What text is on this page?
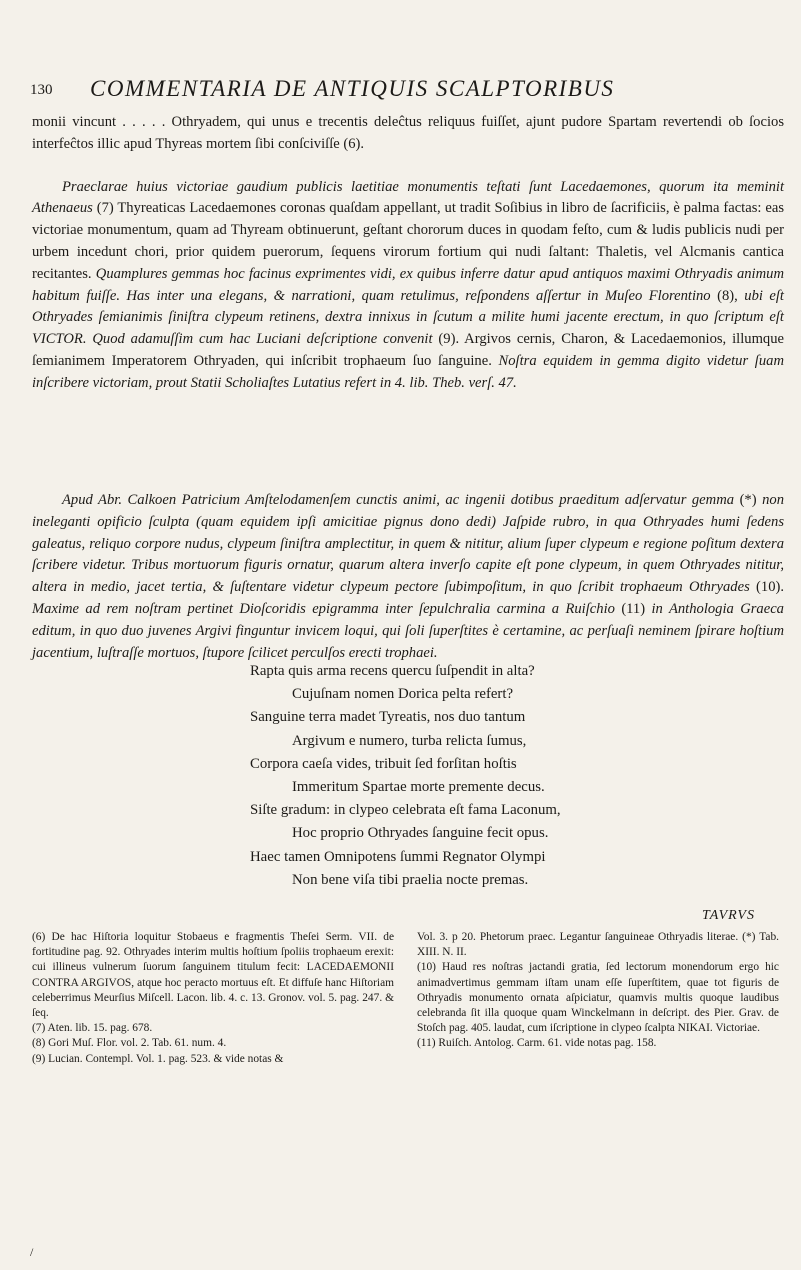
130 COMMENTARIA DE ANTIQUIS SCALPTORIBUS

monii vincunt . . . . . Othryadem, qui unus e trecentis deleĉtus reliquus fuiſſet, ajunt pudore Spartam revertendi ob ſocios interfeĉtos illic apud Thyreas mortem ſibi conſciviſſe (6).

Praeclarae huius victoriae gaudium publicis laetitiae monumentis teſtati ſunt Lacedaemones, quorum ita meminit Athenaeus (7) Thyreaticas Lacedaemones coronas quaſdam appellant, ut tradit Soſibius in libro de ſacrificiis, è palma factas: eas victoriae monumentum, quam ad Thyream obtinuerunt, geſtant chororum duces in quodam feſto, cum & ludis publicis nudi per urbem incedunt chori, prior quidem puerorum, ſequens virorum fortium qui nudi ſaltant: Thaletis, vel Alcmanis cantica recitantes. Quamplures gemmas hoc facinus exprimentes vidi, ex quibus inferre datur apud antiquos maximi Othryadis animum habitum fuiſſe. Has inter una elegans, & narrationi, quam retulimus, reſpondens aſſertur in Muſeo Florentino (8), ubi eſt Othryades ſemianimis ſiniſtra clypeum retinens, dextra innixus in ſcutum a milite humi jacente erectum, in quo ſcriptum eſt VICTOR. Quod adamuſſim cum hac Luciani deſcriptione convenit (9). Argivos cernis, Charon, & Lacedaemonios, illumque ſemianimem Imperatorem Othryaden, qui inſcribit trophaeum ſuo ſanguine. Noſtra equidem in gemma digito videtur ſuam inſcribere victoriam, prout Statii Scholiaſtes Lutatius refert in 4. lib. Theb. verſ. 47.

Apud Abr. Calkoen Patricium Amſtelodamenſem cunctis animi, ac ingenii dotibus praeditum adſervatur gemma (*) non ineleganti opificio ſculpta (quam equidem ipſi amicitiae pignus dono dedi) Jaſpide rubro, in qua Othryades humi ſedens galeatus, reliquo corpore nudus, clypeum ſiniſtra amplectitur, in quem & nititur, alium ſuper clypeum e regione poſitum dextera ſcribere videtur. Tribus mortuorum figuris ornatur, quarum altera inverſo capite eſt pone clypeum, in quem Othryades nititur, altera in medio, jacet tertia, & ſuſtentare videtur clypeum pectore ſubimpoſitum, in quo ſcribit trophaeum Othryades (10). Maxime ad rem noſtram pertinet Dioſcoridis epigramma inter ſepulchralia carmina a Ruiſchio (11) in Anthologia Graeca editum, in quo duo juvenes Argivi finguntur invicem loqui, qui ſoli ſuperſtites è certamine, ac perſuaſi neminem ſpirare hoſtium jacentium, luſtraſſe mortuos, ſtupore ſcilicet perculſos erecti trophaei.

Rapta quis arma recens quercu ſuſpendit in alta?
Cujuſnam nomen Dorica pelta refert?
Sanguine terra madet Tyreatis, nos duo tantum
Argivum e numero, turba relicta ſumus,
Corpora caeſa vides, tribuit ſed forſitan hoſtis
Immeritum Spartae morte premente decus.
Siſte gradum: in clypeo celebrata eſt fama Laconum,
Hoc proprio Othryades ſanguine fecit opus.
Haec tamen Omnipotens ſummi Regnator Olympi
Non bene viſa tibi praelia nocte premas.
TAVRVS

(6) De hac Hiſtoria loquitur Stobaeus e fragmentis Theſei Serm. VII. de fortitudine pag. 92. Othryades interim multis hoſtium ſpoliis trophaeum erexit: cui illineus vulnerum ſuorum ſanguinem titulum fecit: LACEDAEMONII CONTRA ARGIVOS, atque hoc peracto mortuus eſt. Et diffuſe hanc Hiſtoriam celeberrimus Meurſius Miſcell. Lacon. lib. 4. c. 13. Gronov. vol. 5. pag. 247. & ſeq.

(7) Aten. lib. 15. pag. 678.

(8) Gori Muſ. Flor. vol. 2. Tab. 61. num. 4.

(9) Lucian. Contempl. Vol. 1. pag. 523. & vide notas &

Vol. 3. p 20. Phetorum praec. Legantur ſanguineae Othryadis literae. (*) Tab. XIII. N. II.

(10) Haud res noſtras jactandi gratia, ſed lectorum monendorum ergo hic animadvertimus gemmam iſtam unam eſſe ſuperſtitem, quae tot figuris de Othryadis monumento ornata aſpiciatur, quamvis multis quoque laudibus celebranda ſit illa quoque quam Winckelmann in deſcript. des Pier. Grav. de Stoſch pag. 405. laudat, cum iſcriptione in clypeo ſcalpta NIKAI. Victoriae.

(11) Ruiſch. Antolog. Carm. 61. vide notas pag. 158.

/
